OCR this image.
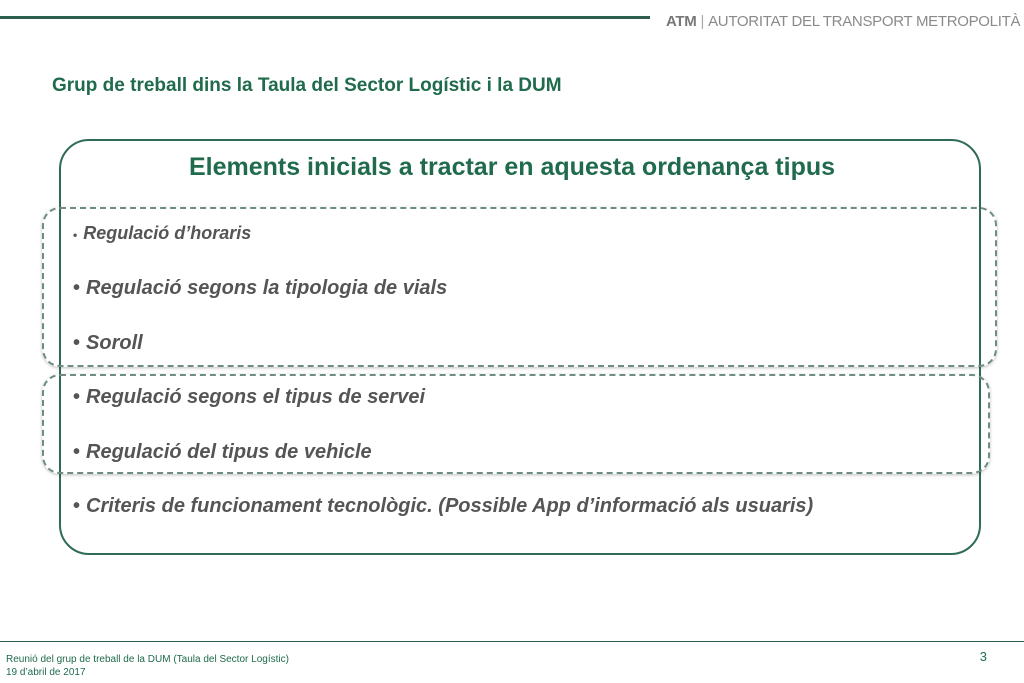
ATM | AUTORITAT DEL TRANSPORT METROPOLITÀ
Grup de treball dins la Taula del Sector Logístic i la DUM
Elements inicials a tractar en aquesta ordenança tipus
• Regulació d’horaris
• Regulació segons la tipologia de vials
• Soroll
• Regulació segons el tipus de servei
• Regulació del tipus de vehicle
• Criteris de funcionament tecnològic. (Possible App d’informació als usuaris)
Reunió del grup de treball de la DUM (Taula del Sector Logístic)
19 d’abril de 2017
3
